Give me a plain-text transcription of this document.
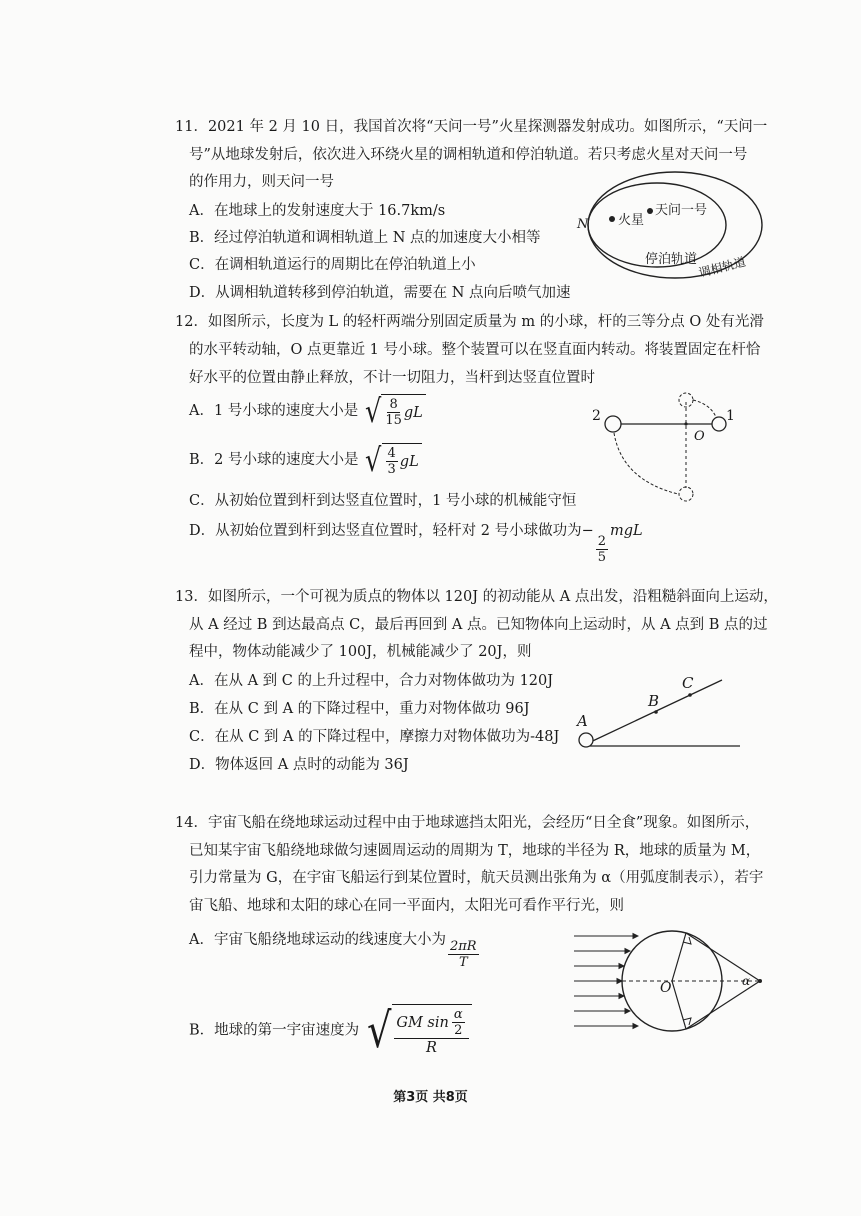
11．2021 年 2 月 10 日，我国首次将“天问一号”火星探测器发射成功。如图所示，“天问一
号”从地球发射后，依次进入环绕火星的调相轨道和停泊轨道。若只考虑火星对天问一号
的作用力，则天问一号
A．在地球上的发射速度大于 16.7km/s
B．经过停泊轨道和调相轨道上 N 点的加速度大小相等
C．在调相轨道运行的周期比在停泊轨道上小
D．从调相轨道转移到停泊轨道，需要在 N 点向后喷气加速
天问一号
火星
N
停泊轨道 调相轨道
12．如图所示，长度为 L 的轻杆两端分别固定质量为 m 的小球，杆的三等分点 O 处有光滑
的水平转动轴，O 点更靠近 1 号小球。整个装置可以在竖直面内转动。将装置固定在杆恰
好水平的位置由静止释放，不计一切阻力，当杆到达竖直位置时
A．1 号小球的速度大小是 √ $\frac{8}{15}$ gL
B．2 号小球的速度大小是 √ $\frac{4}{3}$ gL
C．从初始位置到杆到达竖直位置时，1 号小球的机械能守恒
D．从初始位置到杆到达竖直位置时，轻杆对 2 号小球做功为−
$\frac{2}{5}$
mgL
2	1
O
13．如图所示，一个可视为质点的物体以 120J 的初动能从 A 点出发，沿粗糙斜面向上运动，
从 A 经过 B 到达最高点 C，最后再回到 A 点。已知物体向上运动时，从 A 点到 B 点的过
程中，物体动能减少了 100J，机械能减少了 20J，则
A．在从 A 到 C 的上升过程中，合力对物体做功为 120J
B．在从 C 到 A 的下降过程中，重力对物体做功 96J
C．在从 C 到 A 的下降过程中，摩擦力对物体做功为-48J
D．物体返回 A 点时的动能为 36J
A
B
C
14．宇宙飞船在绕地球运动过程中由于地球遮挡太阳光，会经历“日全食”现象。如图所示，
已知某宇宙飞船绕地球做匀速圆周运动的周期为 T，地球的半径为 R，地球的质量为 M，
引力常量为 G，在宇宙飞船运行到某位置时，航天员测出张角为 α（用弧度制表示），若宇
宙飞船、地球和太阳的球心在同一平面内，太阳光可看作平行光，则
A．宇宙飞船绕地球运动的线速度大小为 $\frac{2\pi R}{T}$
B．地球的第一宇宙速度为 √ GM $\sin \frac{\alpha}{2}$
R
O	α
第3页 共8页
